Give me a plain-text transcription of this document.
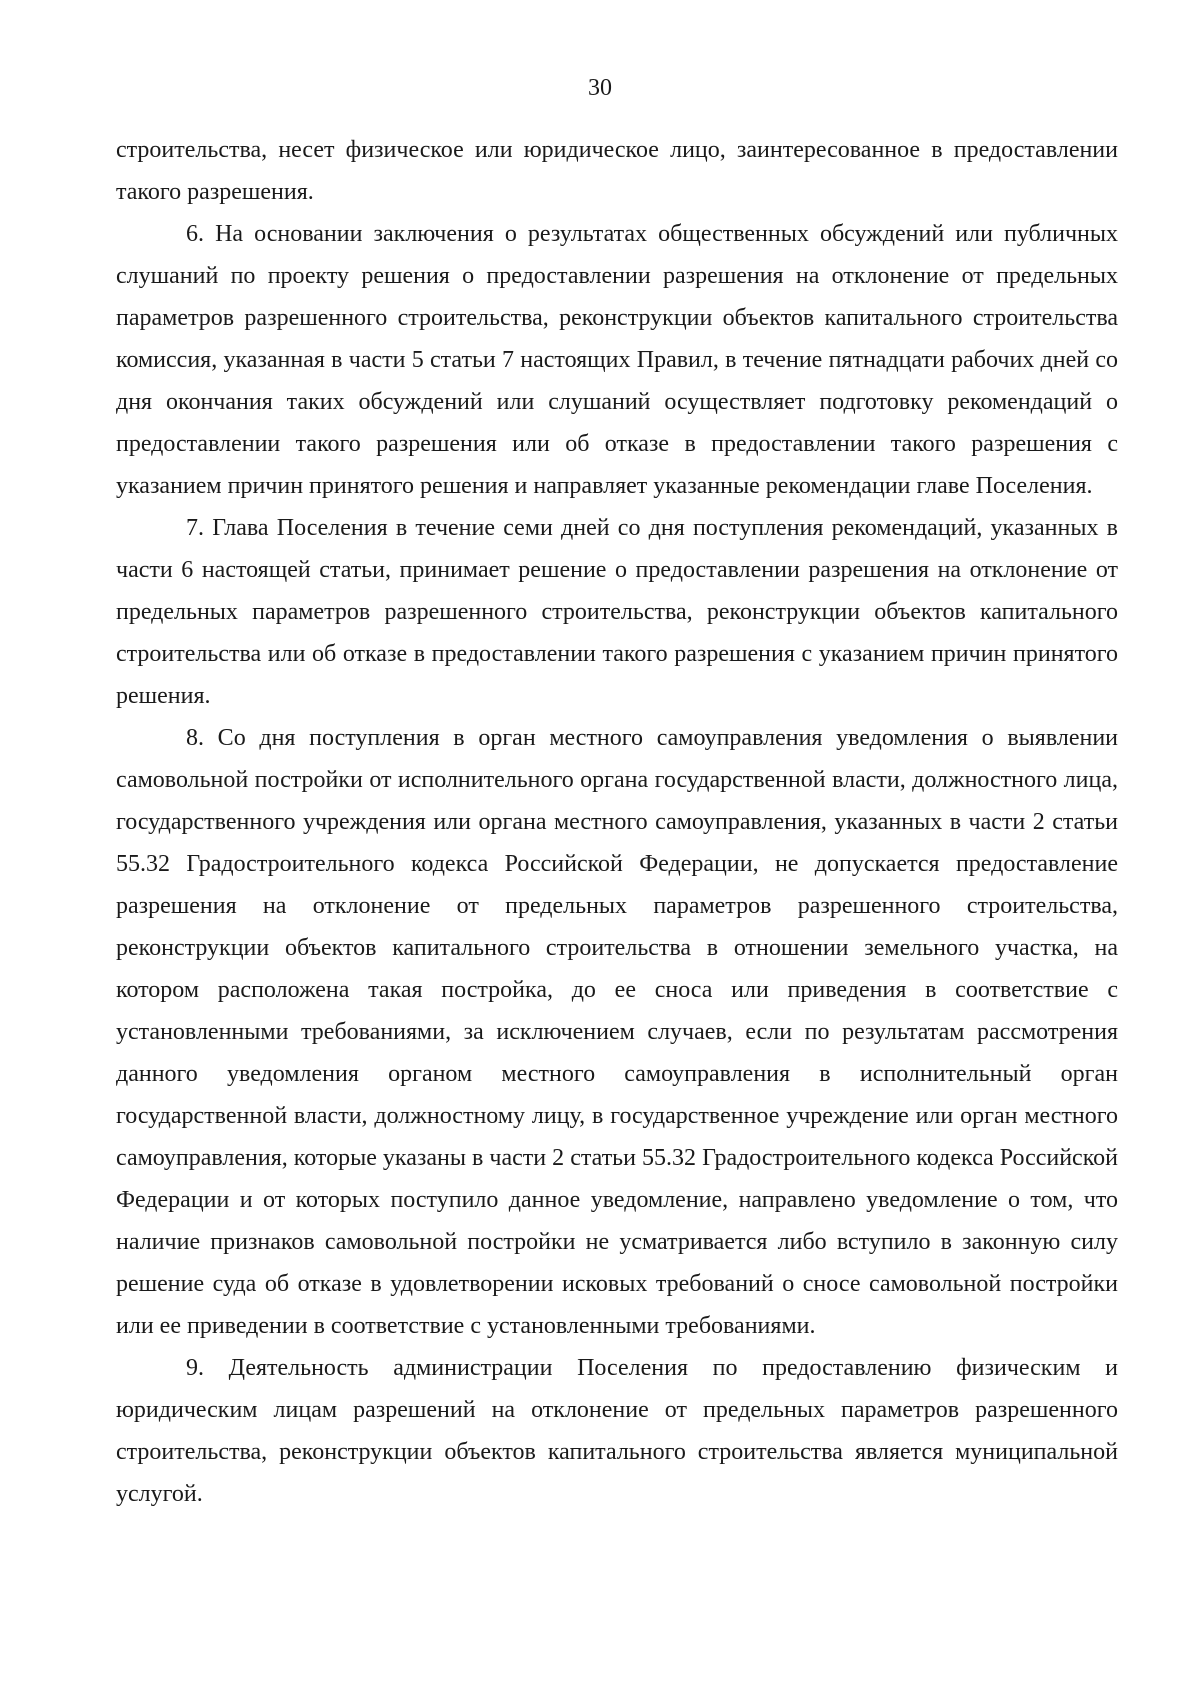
30

строительства, несет физическое или юридическое лицо, заинтересованное в предоставлении такого разрешения.

6. На основании заключения о результатах общественных обсуждений или публичных слушаний по проекту решения о предоставлении разрешения на отклонение от предельных параметров разрешенного строительства, реконструкции объектов капитального строительства комиссия, указанная в части 5 статьи 7 настоящих Правил, в течение пятнадцати рабочих дней со дня окончания таких обсуждений или слушаний осуществляет подготовку рекомендаций о предоставлении такого разрешения или об отказе в предоставлении такого разрешения с указанием причин принятого решения и направляет указанные рекомендации главе Поселения.

7. Глава Поселения в течение семи дней со дня поступления рекомендаций, указанных в части 6 настоящей статьи, принимает решение о предоставлении разрешения на отклонение от предельных параметров разрешенного строительства, реконструкции объектов капитального строительства или об отказе в предоставлении такого разрешения с указанием причин принятого решения.

8. Со дня поступления в орган местного самоуправления уведомления о выявлении самовольной постройки от исполнительного органа государственной власти, должностного лица, государственного учреждения или органа местного самоуправления, указанных в части 2 статьи 55.32 Градостроительного кодекса Российской Федерации, не допускается предоставление разрешения на отклонение от предельных параметров разрешенного строительства, реконструкции объектов капитального строительства в отношении земельного участка, на котором расположена такая постройка, до ее сноса или приведения в соответствие с установленными требованиями, за исключением случаев, если по результатам рассмотрения данного уведомления органом местного самоуправления в исполнительный орган государственной власти, должностному лицу, в государственное учреждение или орган местного самоуправления, которые указаны в части 2 статьи 55.32 Градостроительного кодекса Российской Федерации и от которых поступило данное уведомление, направлено уведомление о том, что наличие признаков самовольной постройки не усматривается либо вступило в законную силу решение суда об отказе в удовлетворении исковых требований о сносе самовольной постройки или ее приведении в соответствие с установленными требованиями.

9. Деятельность администрации Поселения по предоставлению физическим и юридическим лицам разрешений на отклонение от предельных параметров разрешенного строительства, реконструкции объектов капитального строительства является муниципальной услугой.
